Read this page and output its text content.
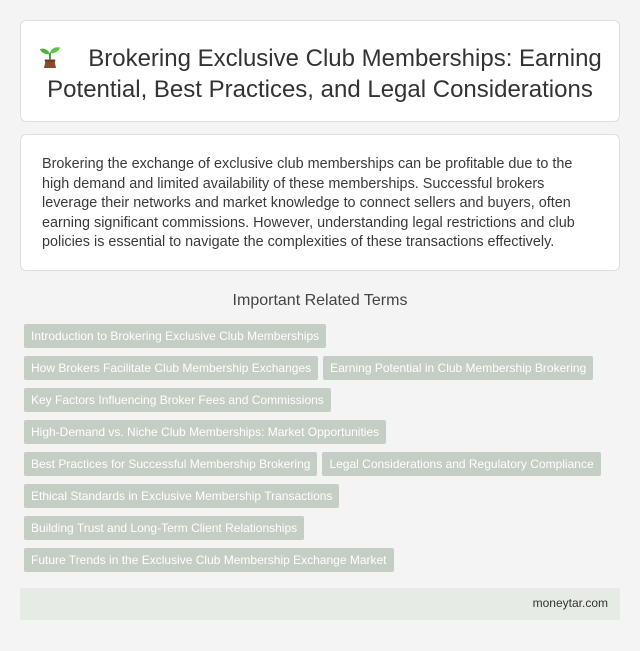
Brokering Exclusive Club Memberships: Earning Potential, Best Practices, and Legal Considerations

Brokering the exchange of exclusive club memberships can be profitable due to the high demand and limited availability of these memberships. Successful brokers leverage their networks and market knowledge to connect sellers and buyers, often earning significant commissions. However, understanding legal restrictions and club policies is essential to navigate the complexities of these transactions effectively.

Important Related Terms
Introduction to Brokering Exclusive Club Memberships
How Brokers Facilitate Club Membership Exchanges Earning Potential in Club Membership Brokering
Key Factors Influencing Broker Fees and Commissions
High-Demand vs. Niche Club Memberships: Market Opportunities
Best Practices for Successful Membership Brokering Legal Considerations and Regulatory Compliance
Ethical Standards in Exclusive Membership Transactions
Building Trust and Long-Term Client Relationships
Future Trends in the Exclusive Club Membership Exchange Market
moneytar.com
